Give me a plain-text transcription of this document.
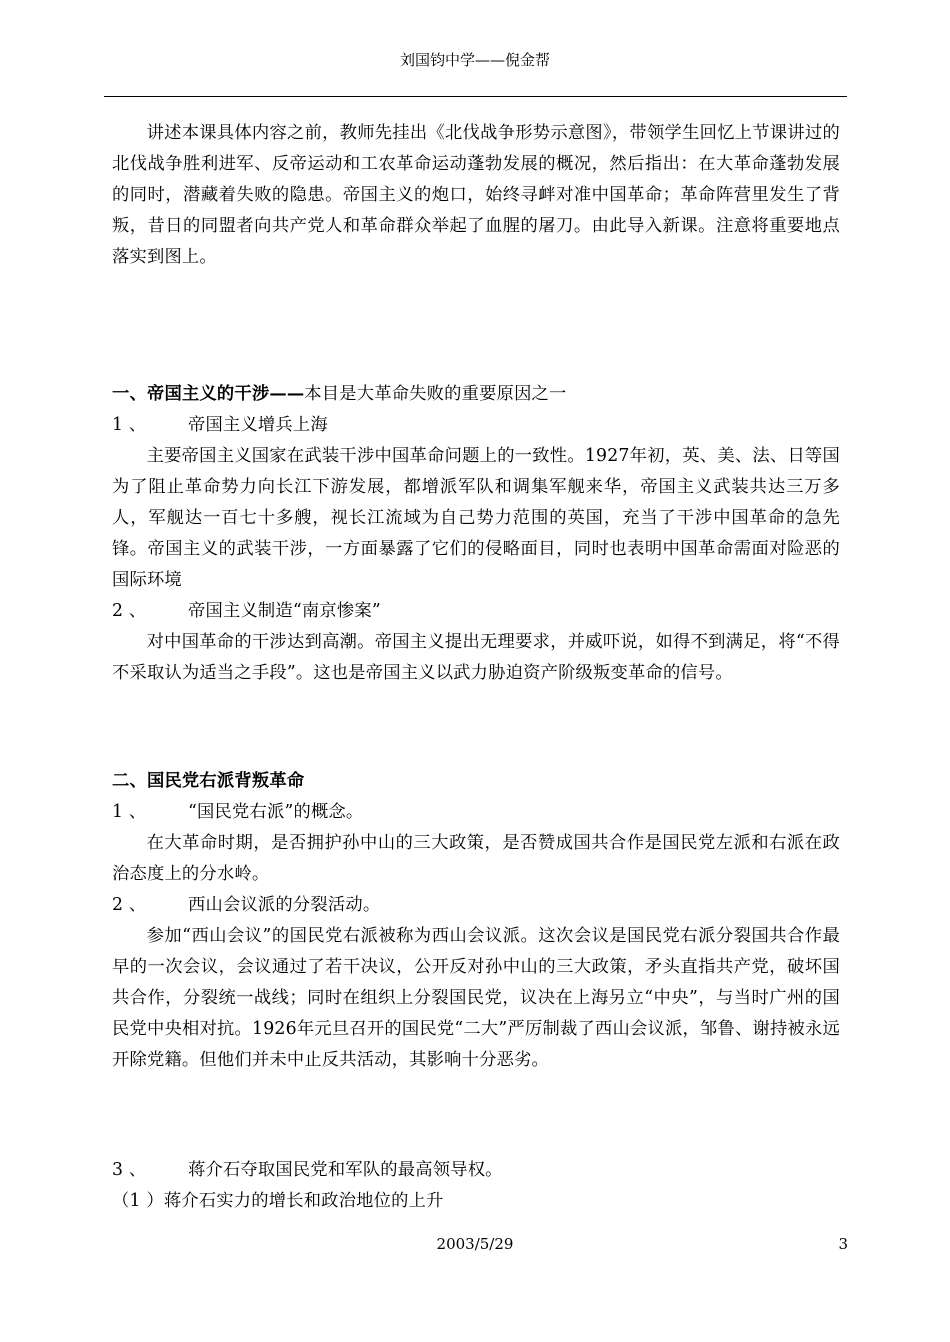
刘国钧中学——倪金帮

讲述本课具体内容之前，教师先挂出《北伐战争形势示意图》，带领学生回忆上节课讲过的北伐战争胜利进军、反帝运动和工农革命运动蓬勃发展的概况，然后指出：在大革命蓬勃发展的同时，潜藏着失败的隐患。帝国主义的炮口，始终寻衅对准中国革命；革命阵营里发生了背叛，昔日的同盟者向共产党人和革命群众举起了血腥的屠刀。由此导入新课。注意将重要地点落实到图上。

一、帝国主义的干涉——本目是大革命失败的重要原因之一

1 、 帝国主义增兵上海

主要帝国主义国家在武装干涉中国革命问题上的一致性。1927年初，英、美、法、日等国为了阻止革命势力向长江下游发展，都增派军队和调集军舰来华，帝国主义武装共达三万多人，军舰达一百七十多艘，视长江流域为自己势力范围的英国，充当了干涉中国革命的急先锋。帝国主义的武装干涉，一方面暴露了它们的侵略面目，同时也表明中国革命需面对险恶的国际环境

2 、 帝国主义制造“南京惨案”

对中国革命的干涉达到高潮。帝国主义提出无理要求，并威吓说，如得不到满足，将“不得不采取认为适当之手段”。这也是帝国主义以武力胁迫资产阶级叛变革命的信号。

二、国民党右派背叛革命

1 、 “国民党右派”的概念。

在大革命时期，是否拥护孙中山的三大政策，是否赞成国共合作是国民党左派和右派在政治态度上的分水岭。

2 、 西山会议派的分裂活动。

参加“西山会议”的国民党右派被称为西山会议派。这次会议是国民党右派分裂国共合作最早的一次会议，会议通过了若干决议，公开反对孙中山的三大政策，矛头直指共产党，破坏国共合作，分裂统一战线；同时在组织上分裂国民党，议决在上海另立“中央”，与当时广州的国民党中央相对抗。1926年元旦召开的国民党“二大”严厉制裁了西山会议派，邹鲁、谢持被永远开除党籍。但他们并未中止反共活动，其影响十分恶劣。

3 、 蒋介石夺取国民党和军队的最高领导权。

（1 ）蒋介石实力的增长和政治地位的上升

2003/5/29	3
